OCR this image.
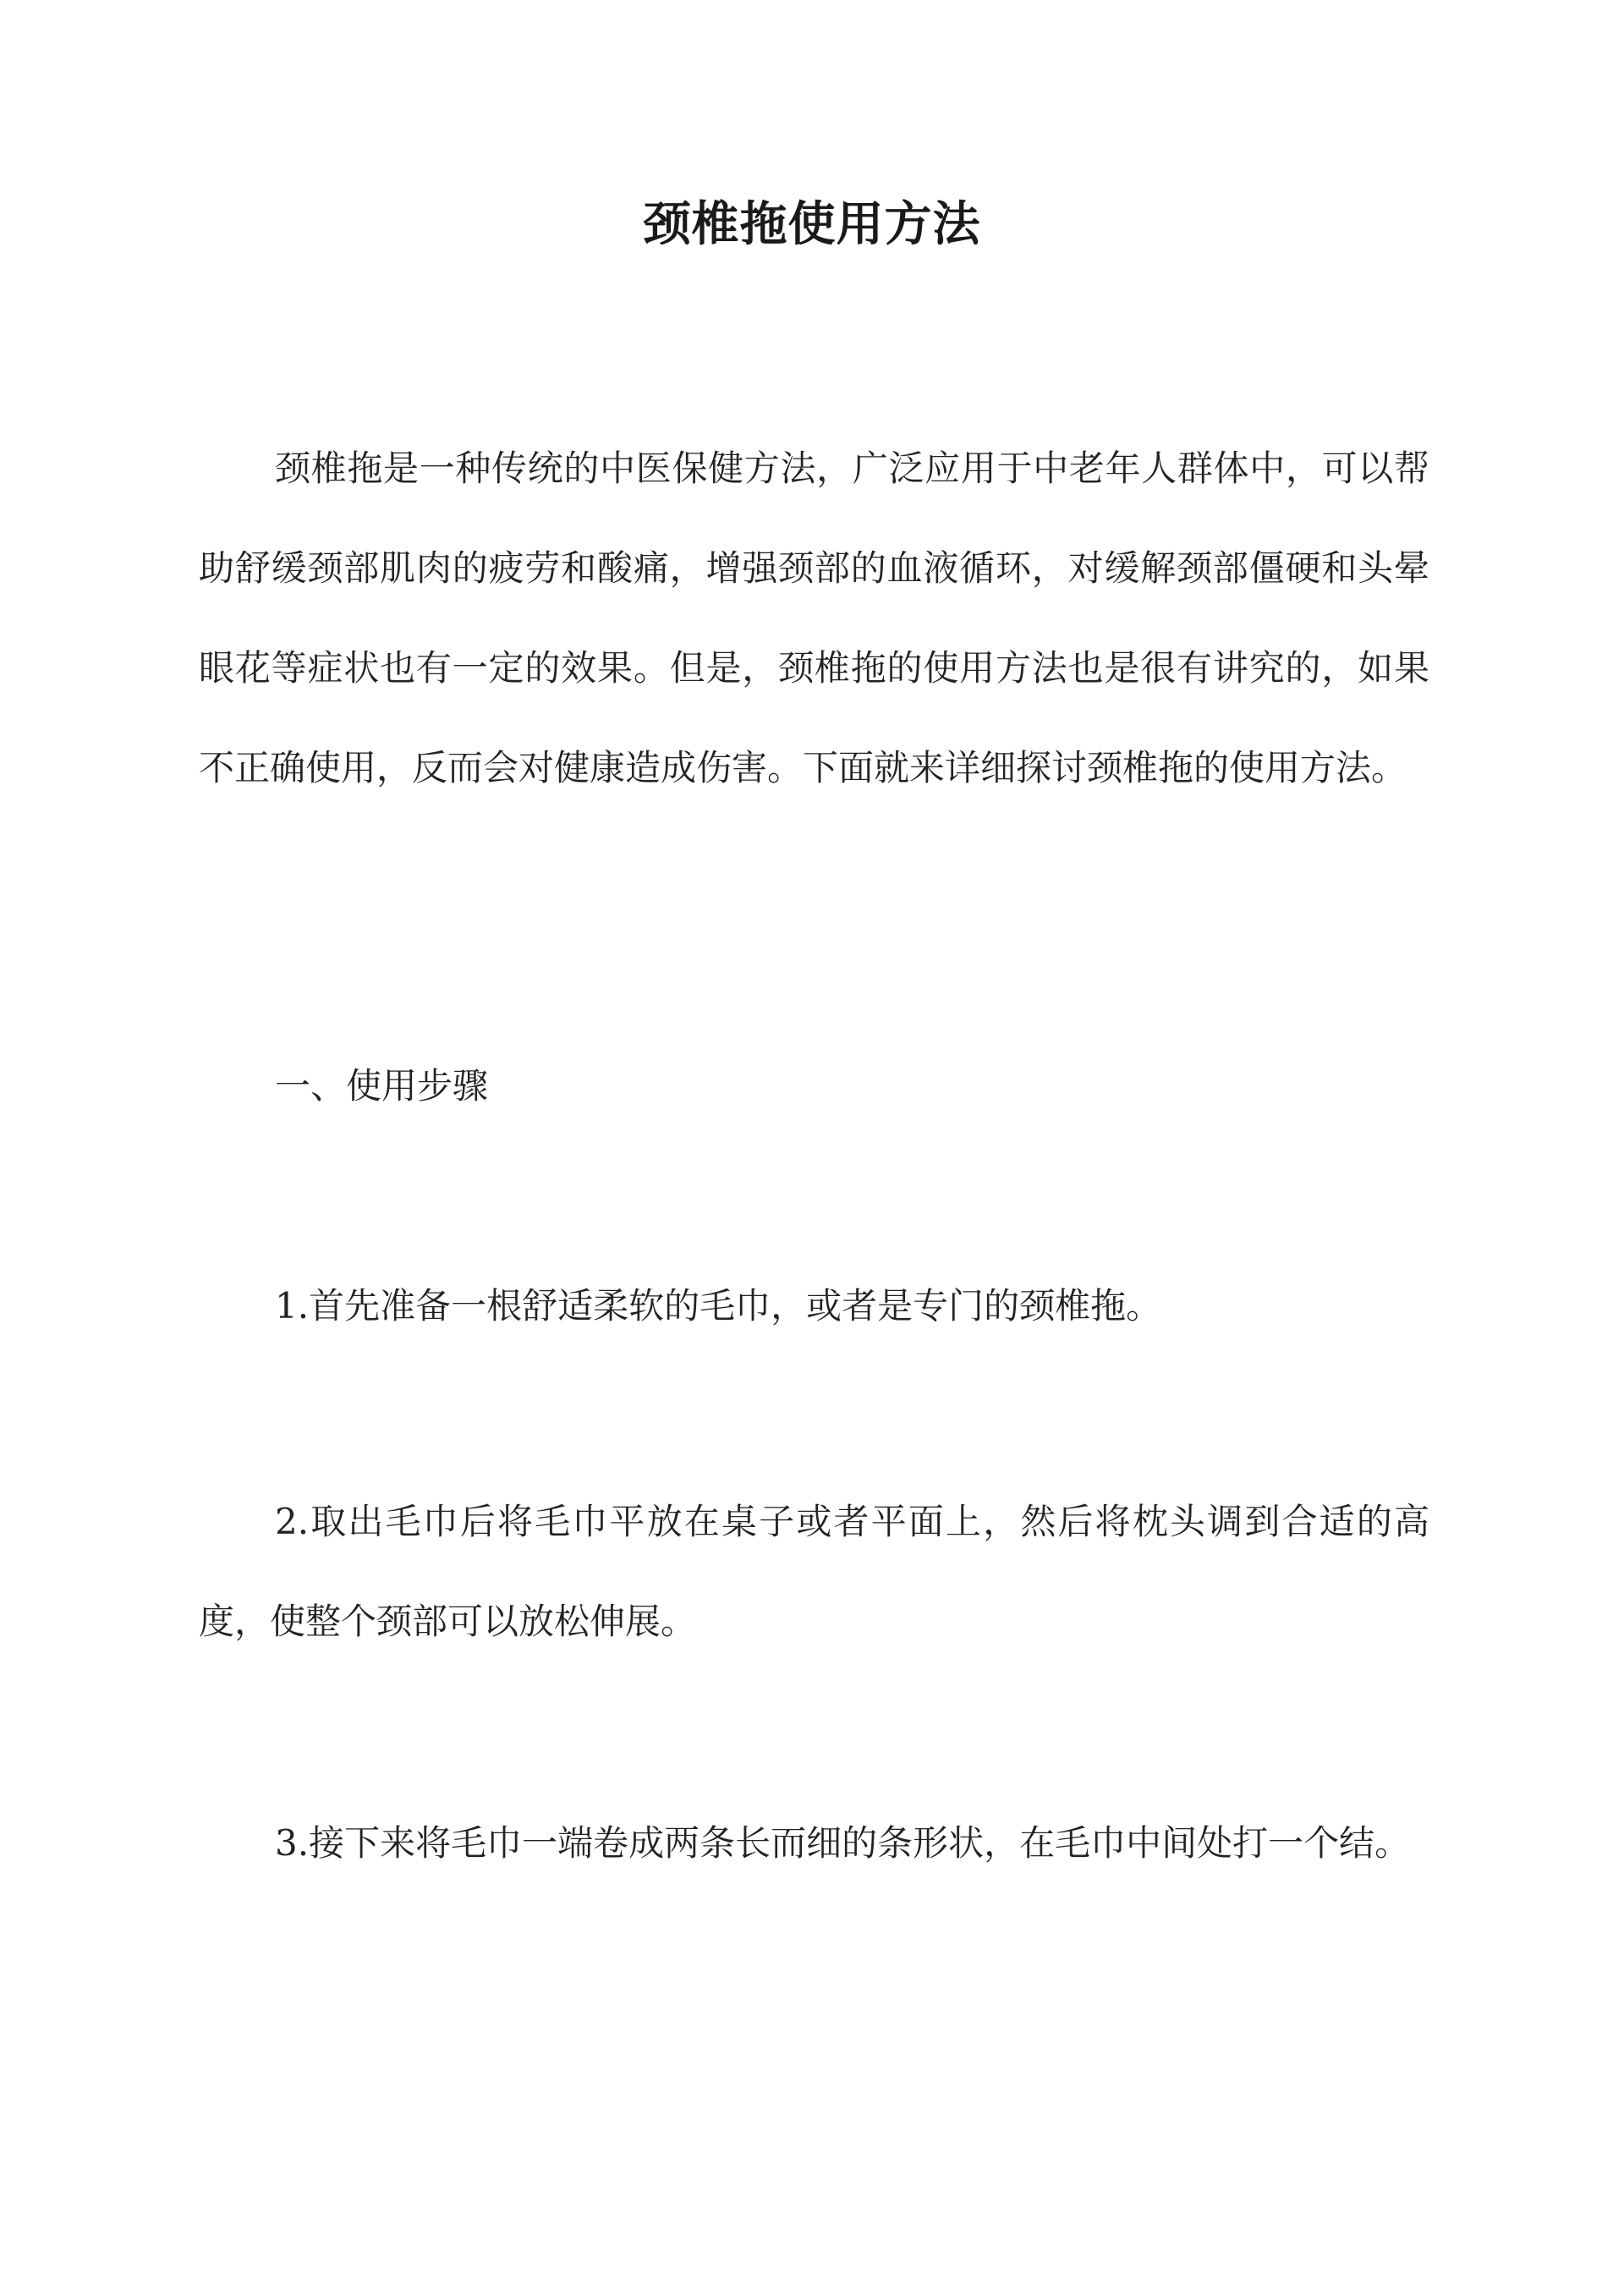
颈椎拖使用方法

颈椎拖是一种传统的中医保健方法，广泛应用于中老年人群体中，可以帮助舒缓颈部肌肉的疲劳和酸痛，增强颈部的血液循环，对缓解颈部僵硬和头晕眼花等症状也有一定的效果。但是，颈椎拖的使用方法也是很有讲究的，如果不正确使用，反而会对健康造成伤害。下面就来详细探讨颈椎拖的使用方法。

一、使用步骤

1.首先准备一根舒适柔软的毛巾，或者是专门的颈椎拖。

2.取出毛巾后将毛巾平放在桌子或者平面上，然后将枕头调到合适的高度，使整个颈部可以放松伸展。

3.接下来将毛巾一端卷成两条长而细的条形状，在毛巾中间处打一个结。
